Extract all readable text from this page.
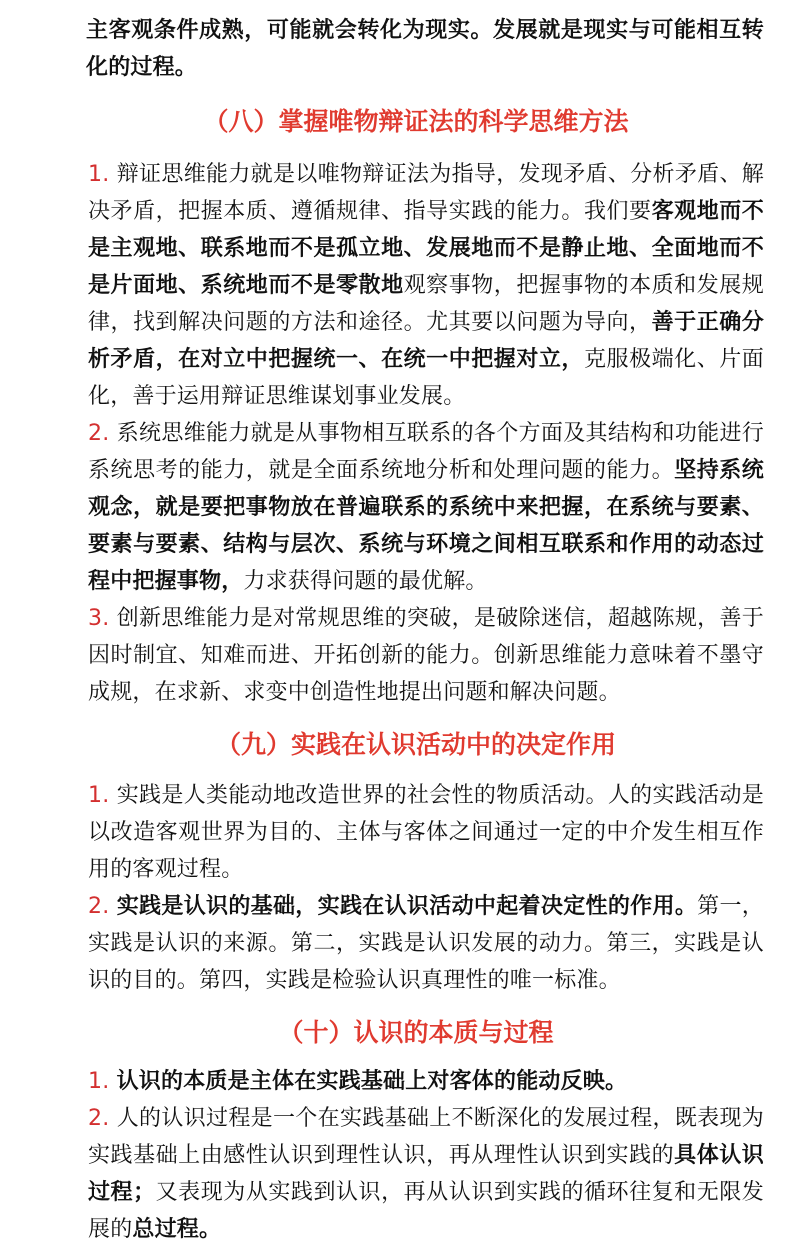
主客观条件成熟，可能就会转化为现实。发展就是现实与可能相互转化的过程。

（八）掌握唯物辩证法的科学思维方法

1. 辩证思维能力就是以唯物辩证法为指导，发现矛盾、分析矛盾、解决矛盾，把握本质、遵循规律、指导实践的能力。我们要客观地而不是主观地、联系地而不是孤立地、发展地而不是静止地、全面地而不是片面地、系统地而不是零散地观察事物，把握事物的本质和发展规律，找到解决问题的方法和途径。尤其要以问题为导向，善于正确分析矛盾，在对立中把握统一、在统一中把握对立，克服极端化、片面化，善于运用辩证思维谋划事业发展。

2. 系统思维能力就是从事物相互联系的各个方面及其结构和功能进行系统思考的能力，就是全面系统地分析和处理问题的能力。坚持系统观念，就是要把事物放在普遍联系的系统中来把握，在系统与要素、要素与要素、结构与层次、系统与环境之间相互联系和作用的动态过程中把握事物，力求获得问题的最优解。

3. 创新思维能力是对常规思维的突破，是破除迷信，超越陈规，善于因时制宜、知难而进、开拓创新的能力。创新思维能力意味着不墨守成规，在求新、求变中创造性地提出问题和解决问题。

（九）实践在认识活动中的决定作用

1. 实践是人类能动地改造世界的社会性的物质活动。人的实践活动是以改造客观世界为目的、主体与客体之间通过一定的中介发生相互作用的客观过程。

2. 实践是认识的基础，实践在认识活动中起着决定性的作用。第一，实践是认识的来源。第二，实践是认识发展的动力。第三，实践是认识的目的。第四，实践是检验认识真理性的唯一标准。

（十）认识的本质与过程

1. 认识的本质是主体在实践基础上对客体的能动反映。

2. 人的认识过程是一个在实践基础上不断深化的发展过程，既表现为实践基础上由感性认识到理性认识，再从理性认识到实践的具体认识过程；又表现为从实践到认识，再从认识到实践的循环往复和无限发展的总过程。
